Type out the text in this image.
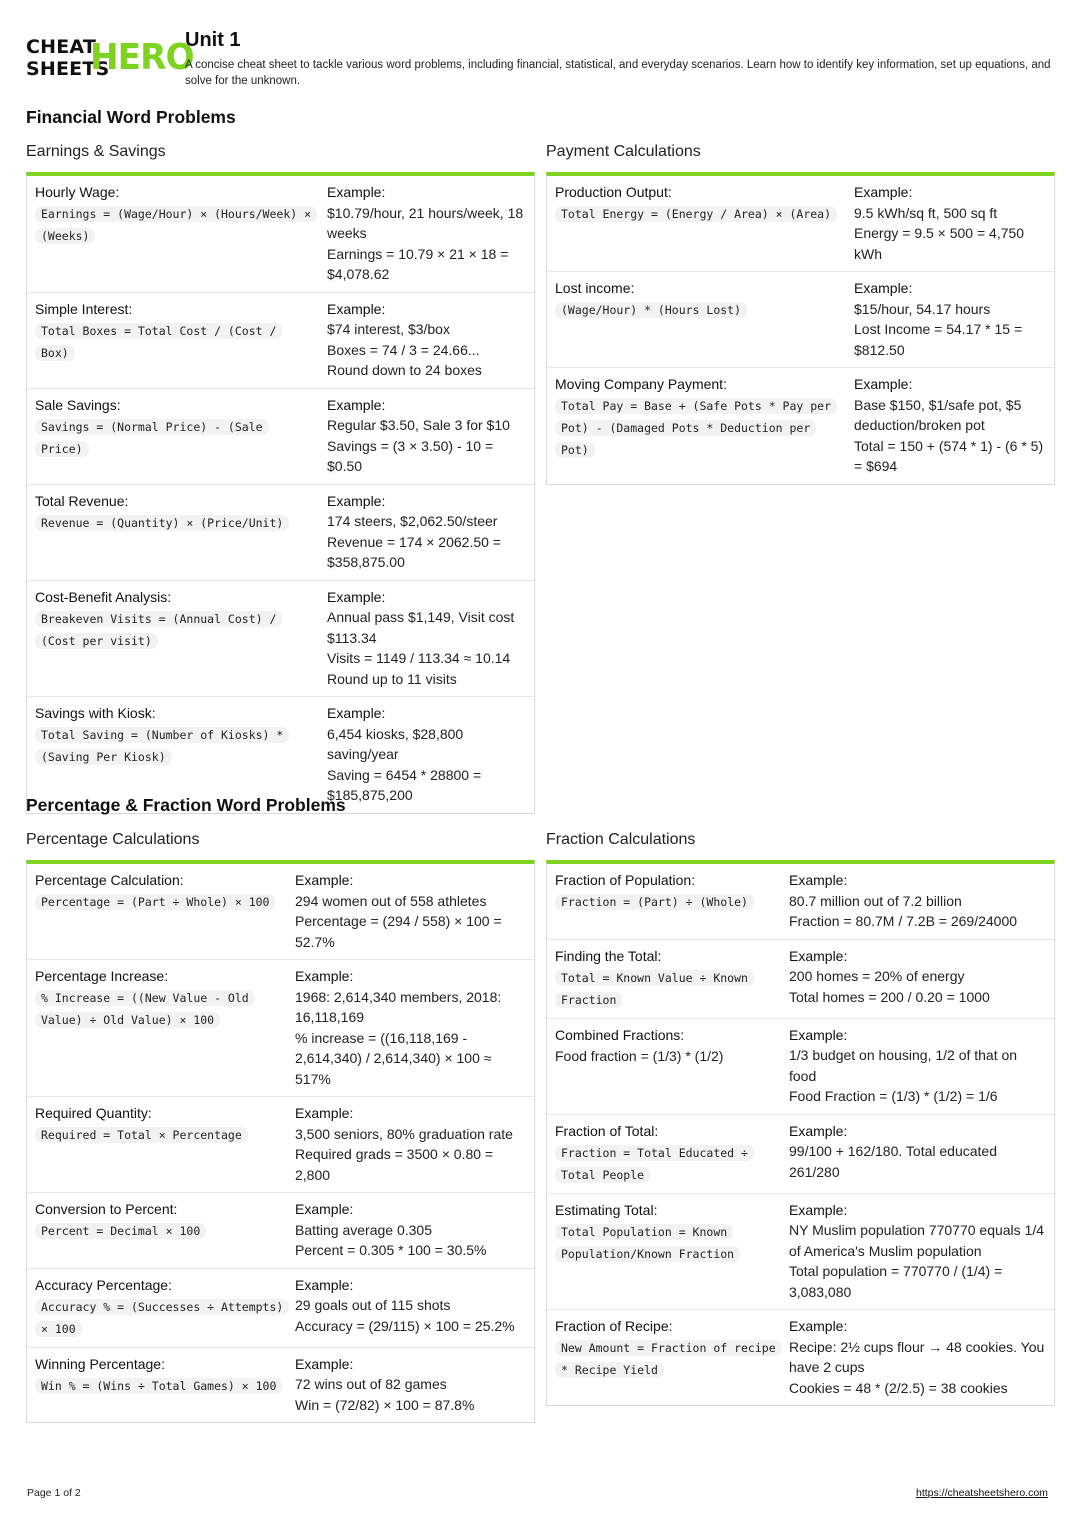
CHEAT
SHEETS
HERO
Unit 1
A concise cheat sheet to tackle various word problems, including financial, statistical, and everyday scenarios. Learn how to identify key information, set up equations, and solve for the unknown.
Financial Word Problems
Earnings & Savings	Payment Calculations
Hourly Wage:
Earnings = (Wage/Hour) × (Hours/Week) × (Weeks)
Example:
$10.79/hour, 21 hours/week, 18 weeks
Earnings = 10.79 × 21 × 18 = $4,078.62
Simple Interest:
Total Boxes = Total Cost / (Cost / Box)
Example:
$74 interest, $3/box
Boxes = 74 / 3 = 24.66...
Round down to 24 boxes
Sale Savings:
Savings = (Normal Price) - (Sale Price)
Example:
Regular $3.50, Sale 3 for $10
Savings = (3 × 3.50) - 10 = $0.50
Total Revenue:
Revenue = (Quantity) × (Price/Unit)
Example:
174 steers, $2,062.50/steer
Revenue = 174 × 2062.50 = $358,875.00
Cost-Benefit Analysis:
Breakeven Visits = (Annual Cost) / (Cost per visit)
Example:
Annual pass $1,149, Visit cost $113.34
Visits = 1149 / 113.34 ≈ 10.14
Round up to 11 visits
Savings with Kiosk:
Total Saving = (Number of Kiosks) * (Saving Per Kiosk)
Example:
6,454 kiosks, $28,800 saving/year
Saving = 6454 * 28800 = $185,875,200
Production Output:
Total Energy = (Energy / Area) × (Area)
Example:
9.5 kWh/sq ft, 500 sq ft
Energy = 9.5 × 500 = 4,750 kWh
Lost income:
(Wage/Hour) * (Hours Lost)
Example:
$15/hour, 54.17 hours
Lost Income = 54.17 * 15 = $812.50
Moving Company Payment:
Total Pay = Base + (Safe Pots * Pay per Pot) - (Damaged Pots * Deduction per Pot)
Example:
Base $150, $1/safe pot, $5 deduction/broken pot
Total = 150 + (574 * 1) - (6 * 5) = $694
Percentage & Fraction Word Problems
Percentage Calculations	Fraction Calculations
Percentage Calculation:
Percentage = (Part ÷ Whole) × 100
Example:
294 women out of 558 athletes
Percentage = (294 / 558) × 100 = 52.7%
Percentage Increase:
% Increase = ((New Value - Old Value) ÷ Old Value) × 100
Example:
1968: 2,614,340 members, 2018: 16,118,169
% increase = ((16,118,169 - 2,614,340) / 2,614,340) × 100 ≈ 517%
Required Quantity:
Required = Total × Percentage
Example:
3,500 seniors, 80% graduation rate
Required grads = 3500 × 0.80 = 2,800
Conversion to Percent:
Percent = Decimal × 100
Example:
Batting average 0.305
Percent = 0.305 * 100 = 30.5%
Accuracy Percentage:
Accuracy % = (Successes ÷ Attempts) × 100
Example:
29 goals out of 115 shots
Accuracy = (29/115) × 100 = 25.2%
Winning Percentage:
Win % = (Wins ÷ Total Games) × 100
Example:
72 wins out of 82 games
Win = (72/82) × 100 = 87.8%
Fraction of Population:
Fraction = (Part) ÷ (Whole)
Example:
80.7 million out of 7.2 billion
Fraction = 80.7M / 7.2B = 269/24000
Finding the Total:
Total = Known Value ÷ Known Fraction
Example:
200 homes = 20% of energy
Total homes = 200 / 0.20 = 1000
Combined Fractions:
Food fraction = (1/3) * (1/2)
Example:
1/3 budget on housing, 1/2 of that on food
Food Fraction = (1/3) * (1/2) = 1/6
Fraction of Total:
Fraction = Total Educated ÷ Total People
Example:
99/100 + 162/180. Total educated 261/280
Estimating Total:
Total Population = Known Population/Known Fraction
Example:
NY Muslim population 770770 equals 1/4 of America's Muslim population
Total population = 770770 / (1/4) = 3,083,080
Fraction of Recipe:
New Amount = Fraction of recipe * Recipe Yield
Example:
Recipe: 2½ cups flour → 48 cookies. You have 2 cups
Cookies = 48 * (2/2.5) = 38 cookies
Page 1 of 2	https://cheatsheetshero.com
